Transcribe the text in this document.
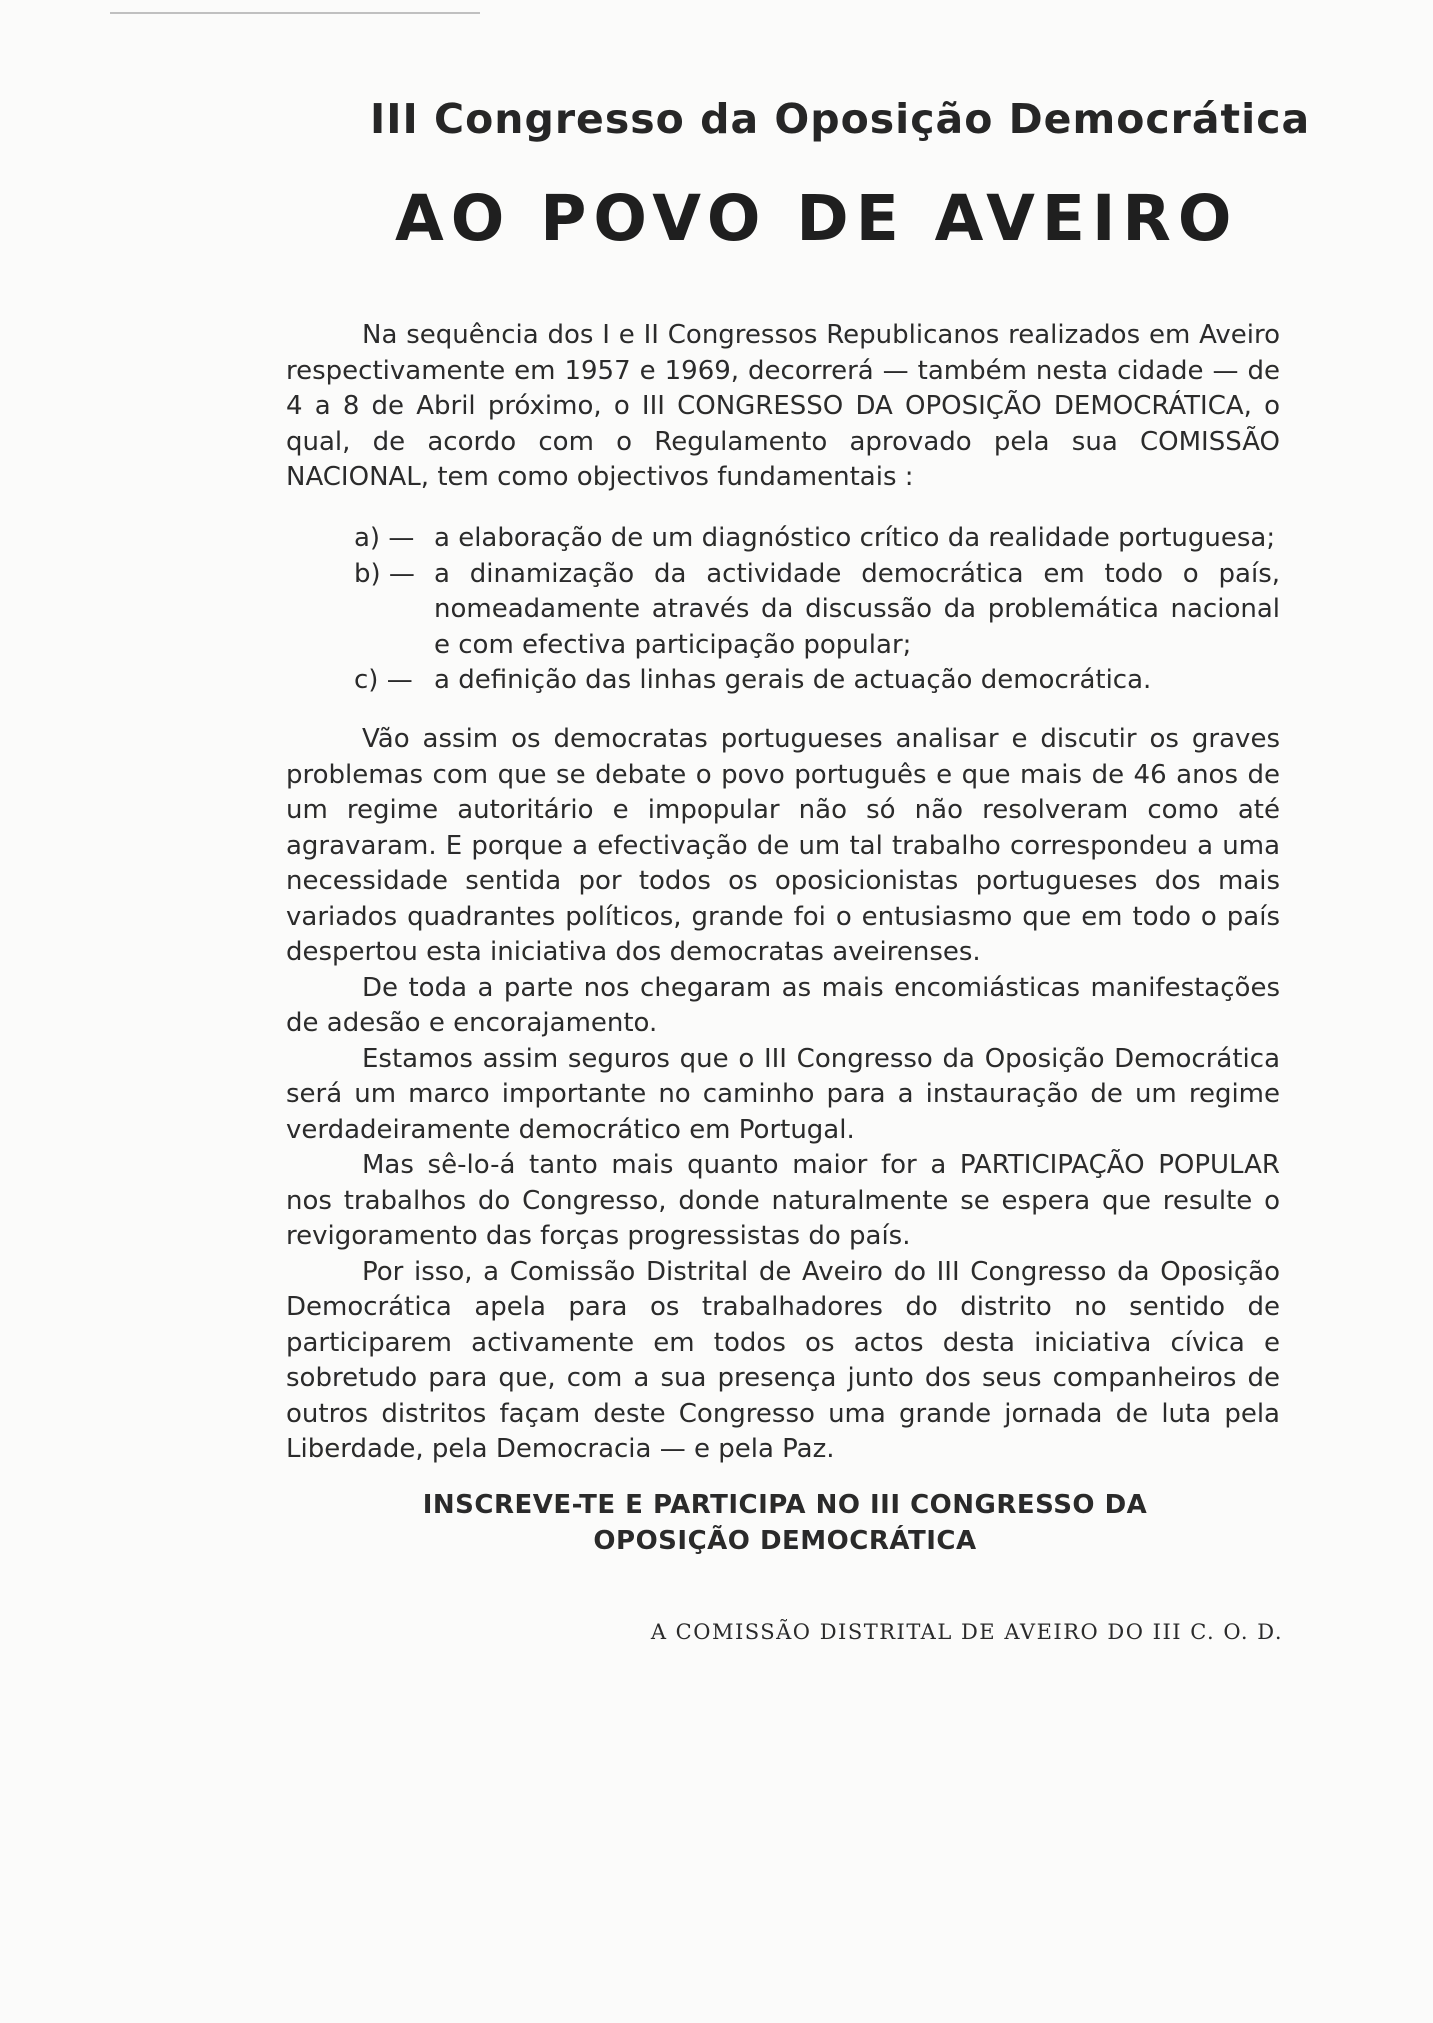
III Congresso da Oposição Democrática
AO POVO DE AVEIRO

Na sequência dos I e II Congressos Republicanos realizados em Aveiro respectivamente em 1957 e 1969, decorrerá — também nesta cidade — de 4 a 8 de Abril próximo, o III CONGRESSO DA OPOSIÇÃO DEMOCRÁTICA, o qual, de acordo com o Regulamento aprovado pela sua COMISSÃO NACIONAL, tem como objectivos fundamentais :

a) — a elaboração de um diagnóstico crítico da realidade portuguesa;
b) — a dinamização da actividade democrática em todo o país, nomeadamente através da discussão da problemática nacional e com efectiva participação popular;
c) — a definição das linhas gerais de actuação democrática.

Vão assim os democratas portugueses analisar e discutir os graves problemas com que se debate o povo português e que mais de 46 anos de um regime autoritário e impopular não só não resolveram como até agravaram. E porque a efectivação de um tal trabalho correspondeu a uma necessidade sentida por todos os oposicionistas portugueses dos mais variados quadrantes políticos, grande foi o entusiasmo que em todo o país despertou esta iniciativa dos democratas aveirenses.

De toda a parte nos chegaram as mais encomiásticas manifestações de adesão e encorajamento.

Estamos assim seguros que o III Congresso da Oposição Democrática será um marco importante no caminho para a instauração de um regime verdadeiramente democrático em Portugal.

Mas sê-lo-á tanto mais quanto maior for a PARTICIPAÇÃO POPULAR nos trabalhos do Congresso, donde naturalmente se espera que resulte o revigoramento das forças progressistas do país.

Por isso, a Comissão Distrital de Aveiro do III Congresso da Oposição Democrática apela para os trabalhadores do distrito no sentido de participarem activamente em todos os actos desta iniciativa cívica e sobretudo para que, com a sua presença junto dos seus companheiros de outros distritos façam deste Congresso uma grande jornada de luta pela Liberdade, pela Democracia — e pela Paz.

INSCREVE-TE E PARTICIPA NO III CONGRESSO DA
OPOSIÇÃO DEMOCRÁTICA
A COMISSÃO DISTRITAL DE AVEIRO DO III C. O. D.
